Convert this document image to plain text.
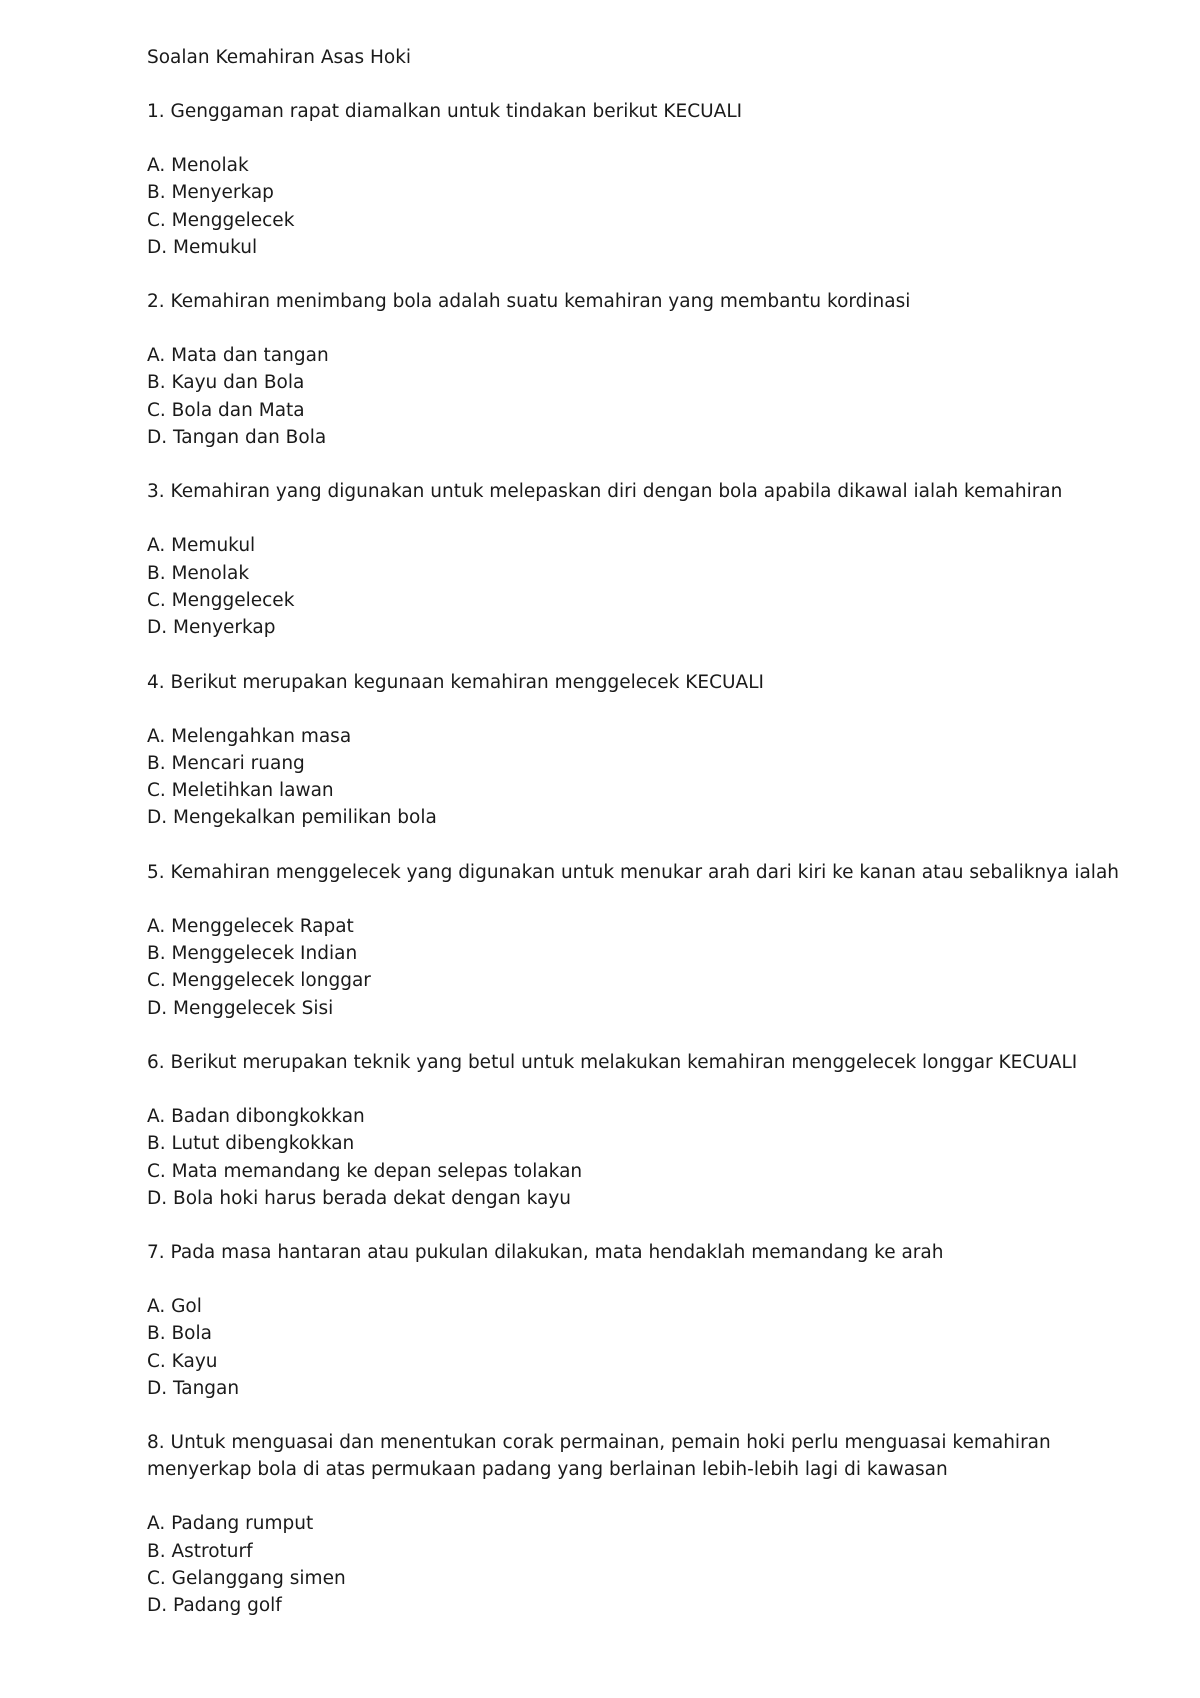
Soalan Kemahiran Asas Hoki
1. Genggaman rapat diamalkan untuk tindakan berikut KECUALI
A. Menolak
B. Menyerkap
C. Menggelecek
D. Memukul
2. Kemahiran menimbang bola adalah suatu kemahiran yang membantu kordinasi
A. Mata dan tangan
B. Kayu dan Bola
C. Bola dan Mata
D. Tangan dan Bola
3. Kemahiran yang digunakan untuk melepaskan diri dengan bola apabila dikawal ialah kemahiran
A. Memukul
B. Menolak
C. Menggelecek
D. Menyerkap
4. Berikut merupakan kegunaan kemahiran menggelecek KECUALI
A. Melengahkan masa
B. Mencari ruang
C. Meletihkan lawan
D. Mengekalkan pemilikan bola
5. Kemahiran menggelecek yang digunakan untuk menukar arah dari kiri ke kanan atau sebaliknya ialah
A. Menggelecek Rapat
B. Menggelecek Indian
C. Menggelecek longgar
D. Menggelecek Sisi
6. Berikut merupakan teknik yang betul untuk melakukan kemahiran menggelecek longgar KECUALI
A. Badan dibongkokkan
B. Lutut dibengkokkan
C. Mata memandang ke depan selepas tolakan
D. Bola hoki harus berada dekat dengan kayu
7. Pada masa hantaran atau pukulan dilakukan, mata hendaklah memandang ke arah
A. Gol
B. Bola
C. Kayu
D. Tangan
8. Untuk menguasai dan menentukan corak permainan, pemain hoki perlu menguasai kemahiran menyerkap bola di atas permukaan padang yang berlainan lebih-lebih lagi di kawasan
A. Padang rumput
B. Astroturf
C. Gelanggang simen
D. Padang golf
